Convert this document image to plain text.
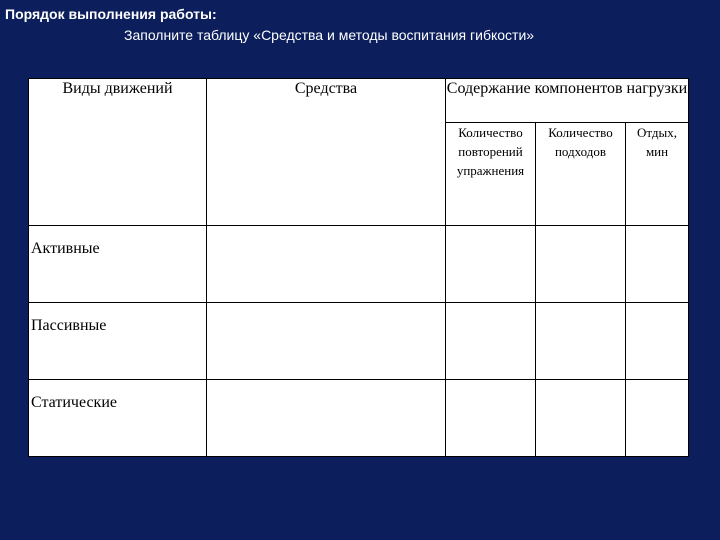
Порядок выполнения работы:
Заполните таблицу «Средства и методы воспитания гибкости»
Виды движений	Средства	Содержание компонентов нагрузки		
		Количество повторений упражнения	Количество подходов	Отдых, мин
Активные				
Пассивные				
Статические				
